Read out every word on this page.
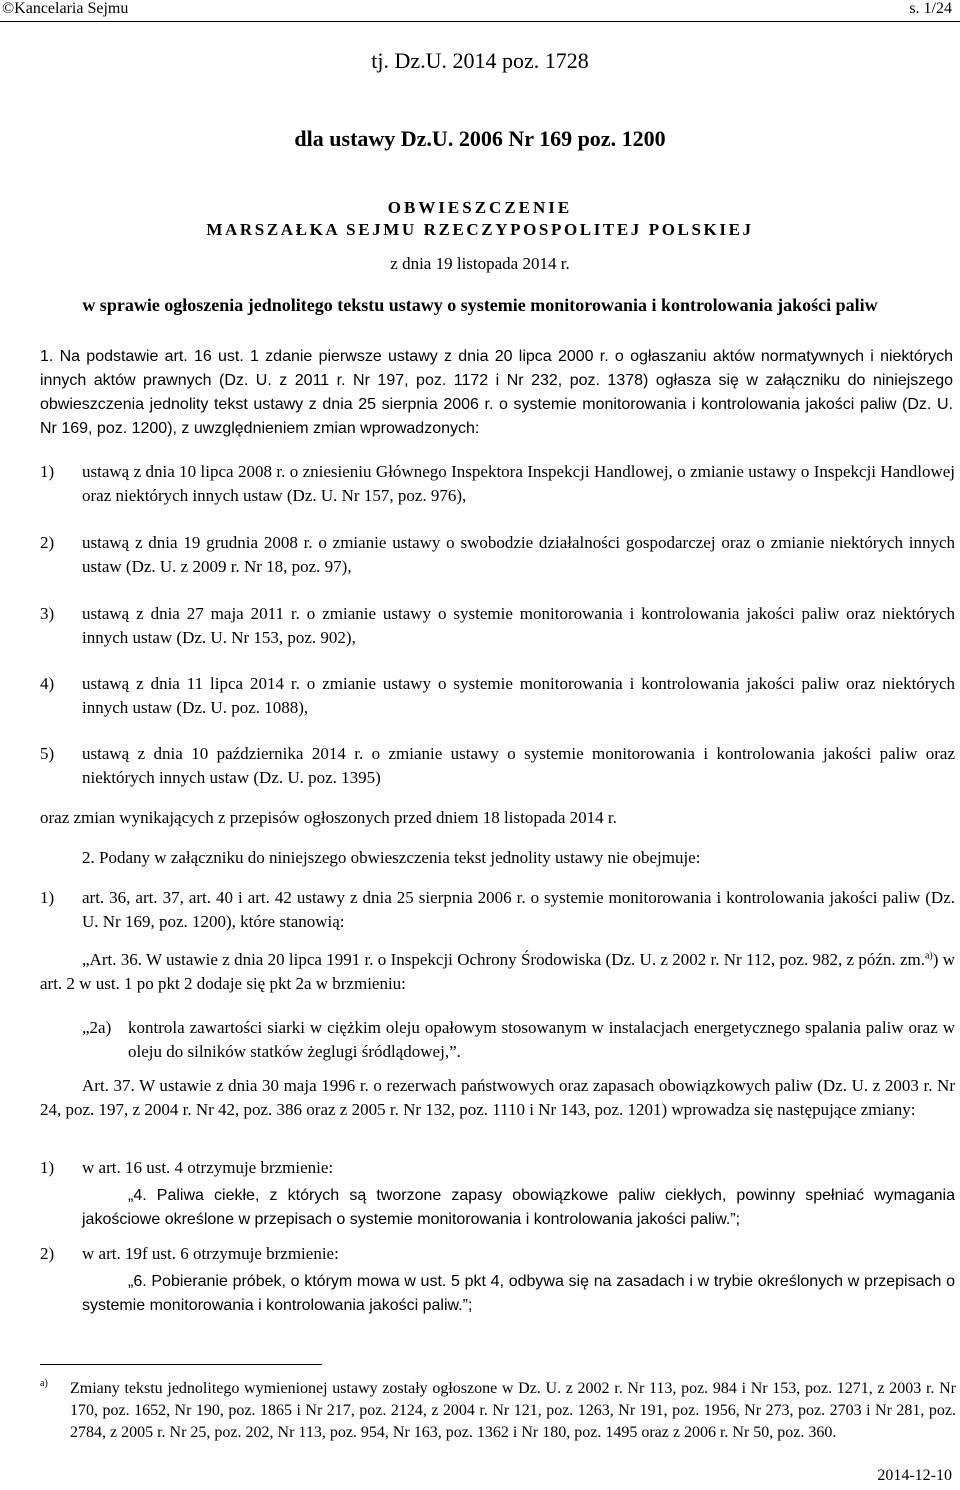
©Kancelaria Sejmu	s. 1/24
tj. Dz.U. 2014 poz. 1728
dla ustawy Dz.U. 2006 Nr 169 poz. 1200
OBWIESZCZENIE
MARSZAŁKA SEJMU RZECZYPOSPOLITEJ POLSKIEJ
z dnia 19 listopada 2014 r.
w sprawie ogłoszenia jednolitego tekstu ustawy o systemie monitorowania i kontrolowania jakości paliw
1. Na podstawie art. 16 ust. 1 zdanie pierwsze ustawy z dnia 20 lipca 2000 r. o ogłaszaniu aktów normatywnych i niektórych innych aktów prawnych (Dz. U. z 2011 r. Nr 197, poz. 1172 i Nr 232, poz. 1378) ogłasza się w załączniku do niniejszego obwieszczenia jednolity tekst ustawy z dnia 25 sierpnia 2006 r. o systemie monitorowania i kontrolowania jakości paliw (Dz. U. Nr 169, poz. 1200), z uwzględnieniem zmian wprowadzonych:
1) ustawą z dnia 10 lipca 2008 r. o zniesieniu Głównego Inspektora Inspekcji Handlowej, o zmianie ustawy o Inspekcji Handlowej oraz niektórych innych ustaw (Dz. U. Nr 157, poz. 976),
2) ustawą z dnia 19 grudnia 2008 r. o zmianie ustawy o swobodzie działalności gospodarczej oraz o zmianie niektórych innych ustaw (Dz. U. z 2009 r. Nr 18, poz. 97),
3) ustawą z dnia 27 maja 2011 r. o zmianie ustawy o systemie monitorowania i kontrolowania jakości paliw oraz niektórych innych ustaw (Dz. U. Nr 153, poz. 902),
4) ustawą z dnia 11 lipca 2014 r. o zmianie ustawy o systemie monitorowania i kontrolowania jakości paliw oraz niektórych innych ustaw (Dz. U. poz. 1088),
5) ustawą z dnia 10 października 2014 r. o zmianie ustawy o systemie monitorowania i kontrolowania jakości paliw oraz niektórych innych ustaw (Dz. U. poz. 1395)
oraz zmian wynikających z przepisów ogłoszonych przed dniem 18 listopada 2014 r.
2. Podany w załączniku do niniejszego obwieszczenia tekst jednolity ustawy nie obejmuje:
1) art. 36, art. 37, art. 40 i art. 42 ustawy z dnia 25 sierpnia 2006 r. o systemie monitorowania i kontrolowania jakości paliw (Dz. U. Nr 169, poz. 1200), które stanowią:
„Art. 36. W ustawie z dnia 20 lipca 1991 r. o Inspekcji Ochrony Środowiska (Dz. U. z 2002 r. Nr 112, poz. 982, z późn. zm.$^{a)}$) w art. 2 w ust. 1 po pkt 2 dodaje się pkt 2a w brzmieniu:
„2a) kontrola zawartości siarki w ciężkim oleju opałowym stosowanym w instalacjach energetycznego spalania paliw oraz w oleju do silników statków żeglugi śródlądowej,”.
Art. 37. W ustawie z dnia 30 maja 1996 r. o rezerwach państwowych oraz zapasach obowiązkowych paliw (Dz. U. z 2003 r. Nr 24, poz. 197, z 2004 r. Nr 42, poz. 386 oraz z 2005 r. Nr 132, poz. 1110 i Nr 143, poz. 1201) wprowadza się następujące zmiany:
1) w art. 16 ust. 4 otrzymuje brzmienie:
„4. Paliwa ciekłe, z których są tworzone zapasy obowiązkowe paliw ciekłych, powinny spełniać wymagania jakościowe określone w przepisach o systemie monitorowania i kontrolowania jakości paliw.”;
2) w art. 19f ust. 6 otrzymuje brzmienie:
„6. Pobieranie próbek, o którym mowa w ust. 5 pkt 4, odbywa się na zasadach i w trybie określonych w przepisach o systemie monitorowania i kontrolowania jakości paliw.”;
a) Zmiany tekstu jednolitego wymienionej ustawy zostały ogłoszone w Dz. U. z 2002 r. Nr 113, poz. 984 i Nr 153, poz. 1271, z 2003 r. Nr 170, poz. 1652, Nr 190, poz. 1865 i Nr 217, poz. 2124, z 2004 r. Nr 121, poz. 1263, Nr 191, poz. 1956, Nr 273, poz. 2703 i Nr 281, poz. 2784, z 2005 r. Nr 25, poz. 202, Nr 113, poz. 954, Nr 163, poz. 1362 i Nr 180, poz. 1495 oraz z 2006 r. Nr 50, poz. 360.
2014-12-10
